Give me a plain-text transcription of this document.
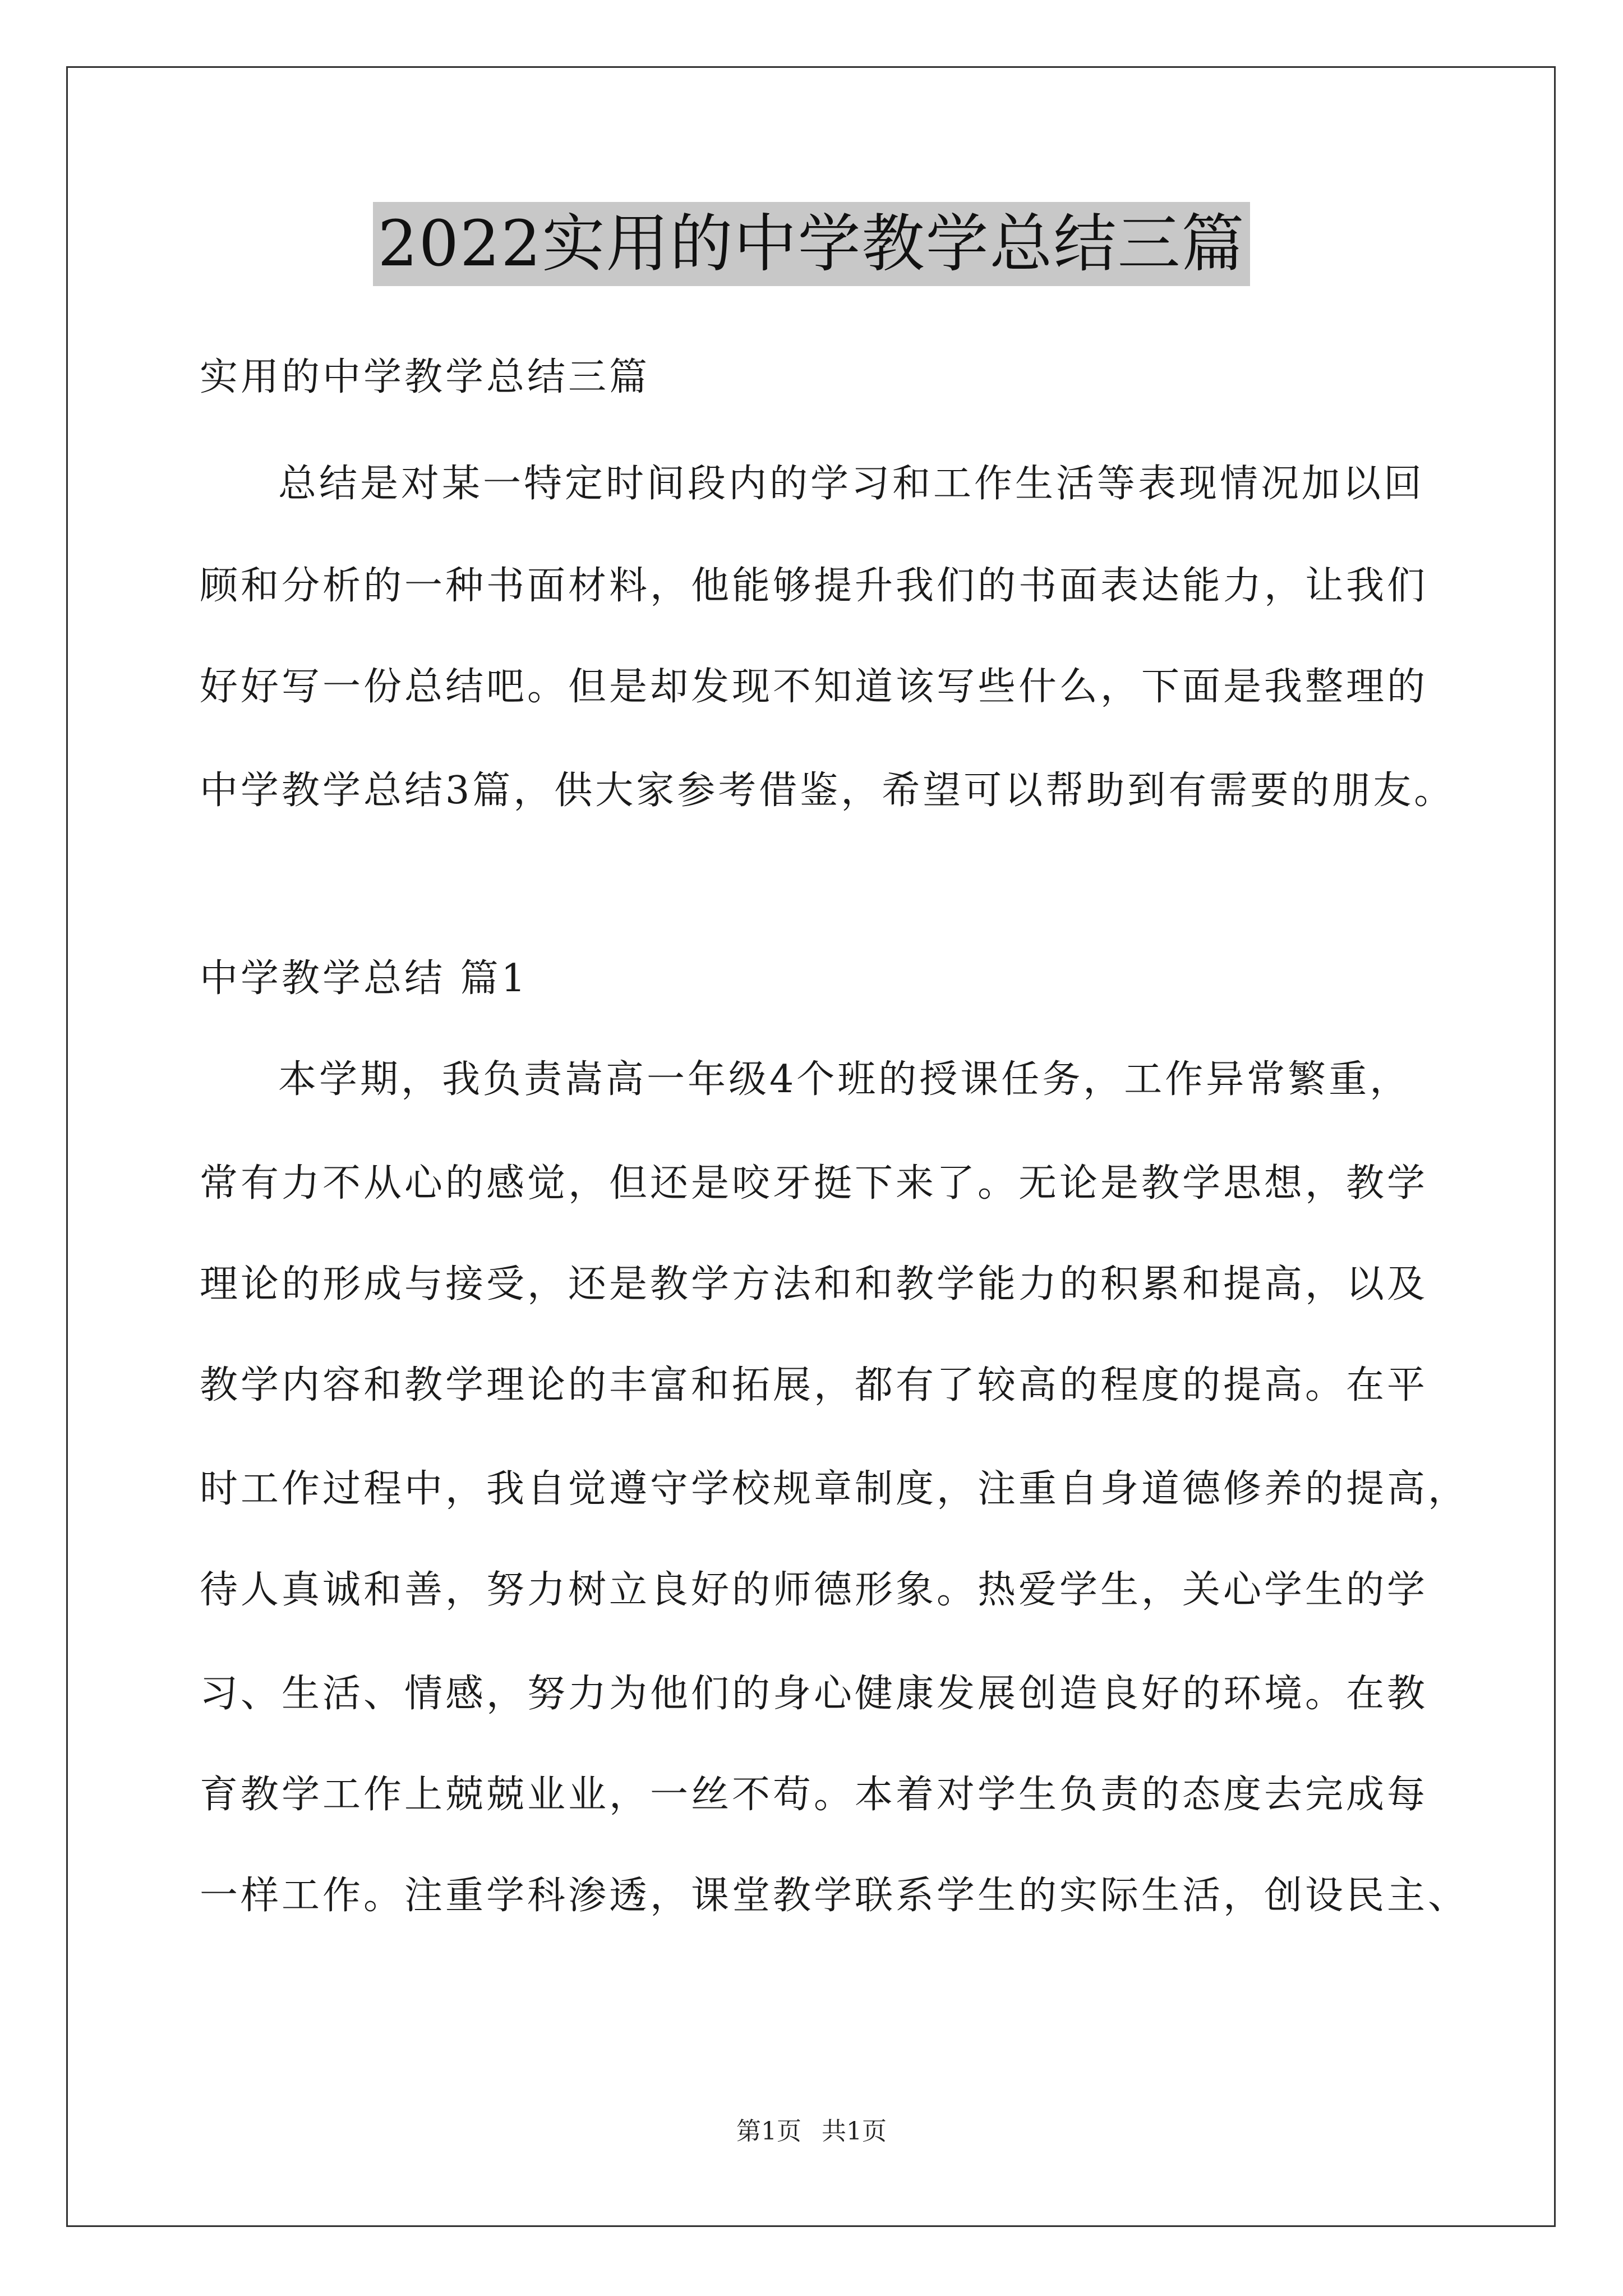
2022实用的中学教学总结三篇
实用的中学教学总结三篇
总结是对某一特定时间段内的学习和工作生活等表现情况加以回
顾和分析的一种书面材料，他能够提升我们的书面表达能力，让我们
好好写一份总结吧。但是却发现不知道该写些什么，下面是我整理的
中学教学总结3篇，供大家参考借鉴，希望可以帮助到有需要的朋友。
中学教学总结 篇1
本学期，我负责嵩高一年级4个班的授课任务，工作异常繁重，
常有力不从心的感觉，但还是咬牙挺下来了。无论是教学思想，教学
理论的形成与接受，还是教学方法和和教学能力的积累和提高，以及
教学内容和教学理论的丰富和拓展，都有了较高的程度的提高。在平
时工作过程中，我自觉遵守学校规章制度，注重自身道德修养的提高，
待人真诚和善，努力树立良好的师德形象。热爱学生，关心学生的学
习、生活、情感，努力为他们的身心健康发展创造良好的环境。在教
育教学工作上兢兢业业，一丝不苟。本着对学生负责的态度去完成每
一样工作。注重学科渗透，课堂教学联系学生的实际生活，创设民主、
第1页 共1页
